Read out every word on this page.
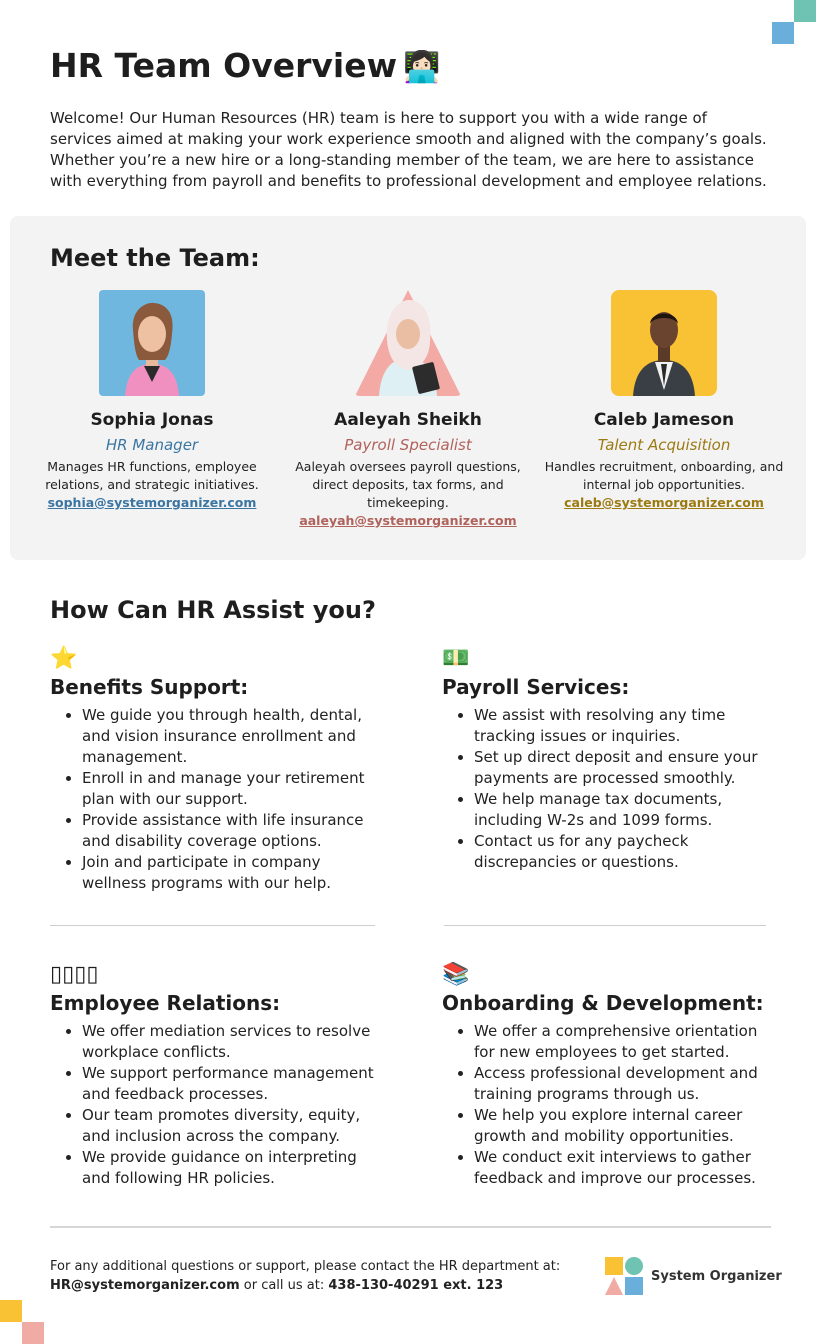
HR Team Overview 👩🏻‍💻

Welcome! Our Human Resources (HR) team is here to support you with a wide range of services aimed at making your work experience smooth and aligned with the company’s goals. Whether you’re a new hire or a long-standing member of the team, we are here to assistance with everything from payroll and benefits to professional development and employee relations.

Meet the Team:
Sophia Jonas
HR Manager
Manages HR functions, employee relations, and strategic initiatives.
sophia@systemorganizer.com
Aaleyah Sheikh
Payroll Specialist
Aaleyah oversees payroll questions, direct deposits, tax forms, and timekeeping.
aaleyah@systemorganizer.com
Caleb Jameson
Talent Acquisition
Handles recruitment, onboarding, and internal job opportunities.
caleb@systemorganizer.com
How Can HR Assist you?
⭐
Benefits Support:
• We guide you through health, dental, and vision insurance enrollment and management.
• Enroll in and manage your retirement plan with our support.
• Provide assistance with life insurance and disability coverage options.
• Join and participate in company wellness programs with our help.
💵
Payroll Services:
• We assist with resolving any time tracking issues or inquiries.
• Set up direct deposit and ensure your payments are processed smoothly.
• We help manage tax documents, including W-2s and 1099 forms.
• Contact us for any paycheck discrepancies or questions.
▯▯▯▯
Employee Relations:
• We offer mediation services to resolve workplace conflicts.
• We support performance management and feedback processes.
• Our team promotes diversity, equity, and inclusion across the company.
• We provide guidance on interpreting and following HR policies.
📚
Onboarding & Development:
• We offer a comprehensive orientation for new employees to get started.
• Access professional development and training programs through us.
• We help you explore internal career growth and mobility opportunities.
• We conduct exit interviews to gather feedback and improve our processes.
For any additional questions or support, please contact the HR department at:
HR@systemorganizer.com or call us at: 438-130-40291 ext. 123
System Organizer
